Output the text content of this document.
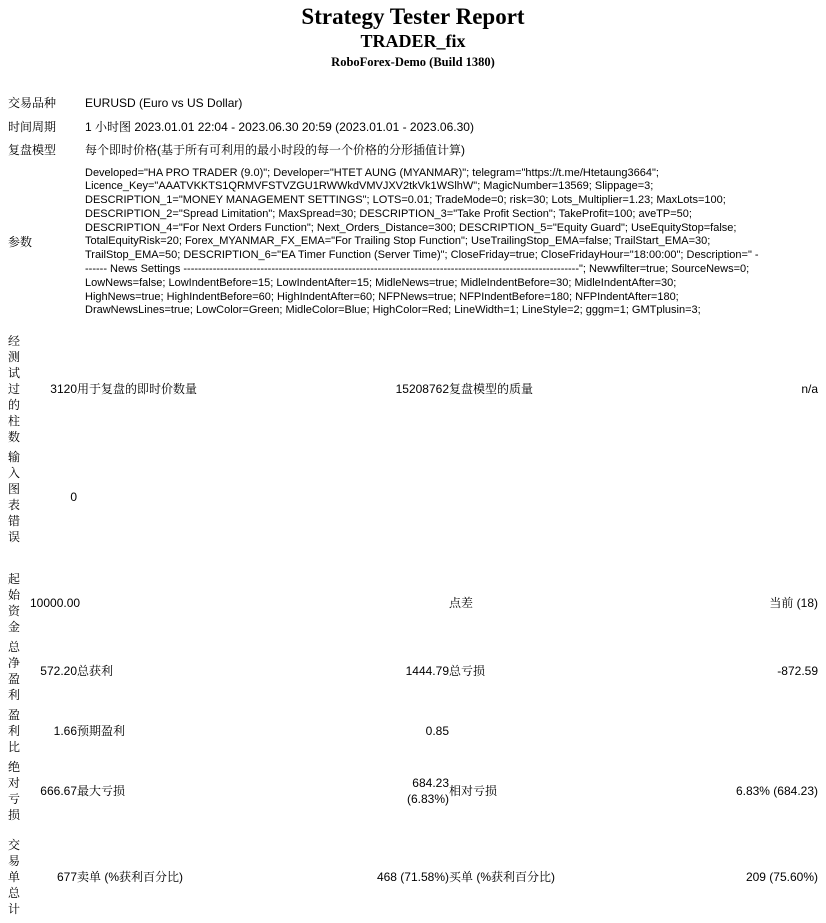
Strategy Tester Report
TRADER_fix
RoboForex-Demo (Build 1380)
交易品种	EURUSD (Euro vs US Dollar)
时间周期	1 小时图 2023.01.01 22:04 - 2023.06.30 20:59 (2023.01.01 - 2023.06.30)
复盘模型	每个即时价格(基于所有可利用的最小时段的每一个价格的分形插值计算)
参数	
Developed="HA PRO TRADER (9.0)"; Developer="HTET AUNG (MYANMAR)"; telegram="https://t.me/Htetaung3664";
Licence_Key="AAATVKKTS1QRMVFSTVZGU1RWWkdVMVJXV2tkVk1WSlhW"; MagicNumber=13569; Slippage=3;
DESCRIPTION_1="MONEY MANAGEMENT SETTINGS"; LOTS=0.01; TradeMode=0; risk=30; Lots_Multiplier=1.23; MaxLots=100;
DESCRIPTION_2="Spread Limitation"; MaxSpread=30; DESCRIPTION_3="Take Profit Section"; TakeProfit=100; aveTP=50;
DESCRIPTION_4="For Next Orders Function"; Next_Orders_Distance=300; DESCRIPTION_5="Equity Guard"; UseEquityStop=false;
TotalEquityRisk=20; Forex_MYANMAR_FX_EMA="For Trailing Stop Function"; UseTrailingStop_EMA=false; TrailStart_EMA=30;
TrailStop_EMA=50; DESCRIPTION_6="EA Timer Function (Server Time)"; CloseFriday=true; CloseFridayHour="18:00:00"; Description=" -
------ News Settings ------------------------------------------------------------------------------------------------------------"; Newwfilter=true; SourceNews=0;
LowNews=false; LowIndentBefore=15; LowIndentAfter=15; MidleNews=true; MidleIndentBefore=30; MidleIndentAfter=30;
HighNews=true; HighIndentBefore=60; HighIndentAfter=60; NFPNews=true; NFPIndentBefore=180; NFPIndentAfter=180;
DrawNewsLines=true; LowColor=Green; MidleColor=Blue; HighColor=Red; LineWidth=1; LineStyle=2; gggm=1; GMTplusin=3;
经测试过的柱数	3120	用于复盘的即时价数量	15208762	复盘模型的质量	n/a
输入图表错误	0				

起始资金	10000.00			点差	当前 (18)
总净盈利	572.20	总获利	1444.79	总亏损	-872.59
盈利比	1.66	预期盈利	0.85		
绝对亏损	666.67	最大亏损	684.23 (6.83%)	相对亏损	6.83% (684.23)

交易单总计	677	卖单 (%获利百分比)	468 (71.58%)	买单 (%获利百分比)	209 (75.60%)
